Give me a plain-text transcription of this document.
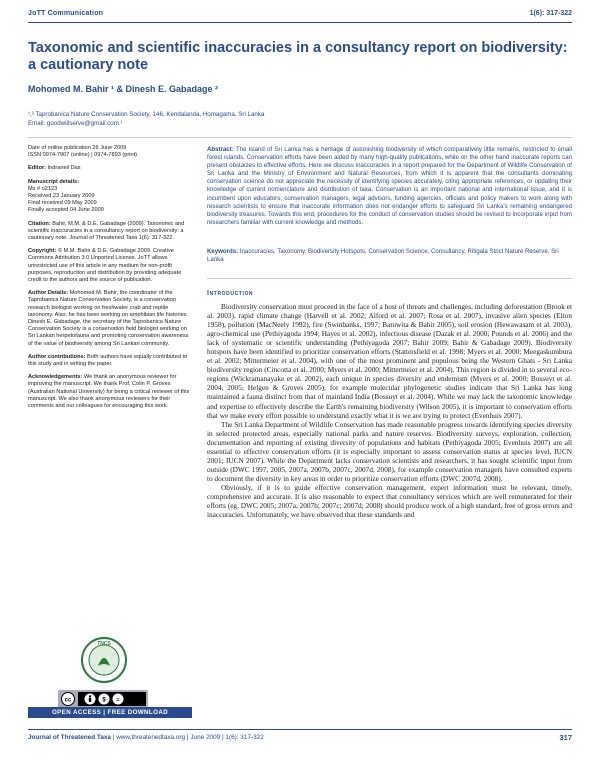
JoTT Communication	1(6): 317-322
Taxonomic and scientific inaccuracies in a consultancy report on biodiversity: a cautionary note
Mohomed M. Bahir ¹ & Dinesh E. Gabadage ²
¹,² Taprobanica Nature Conservation Society, 146, Kendalanda, Homagama, Sri Lanka
Email: goodwillserve@gmail.com ¹

Date of online publication 26 June 2009
ISSN 0974-7907 (online) | 0974-7893 (print)

Editor: Indraneil Das

Manuscript details:
Ms # o2123
Received 23 January 2009
Final received 09 May 2009
Finally accepted 04 June 2009

Citation: Bahir, M.M. & D.E. Gabadage (2009). Taxonomic and scientific inaccuracies in a consultancy report on biodiversity: a cautionary note. Journal of Threatened Taxa 1(6): 317-322.

Copyright: © M.M. Bahir & D.E. Gabadage 2009. Creative Commons Attribution 3.0 Unported License. JoTT allows unrestricted use of this article in any medium for non-profit purposes, reproduction and distribution by providing adequate credit to the authors and the source of publication.

Author Details: Mohomed M. Bahir, the coordinator of the Taprobanica Nature Conservation Society, is a conservation research biologist working on freshwater crab and reptile taxonomy. Also, he has been working on amphibian life histories. Dinesh E. Gabadage, the secretary of the Taprobanica Nature Conservation Society is a conservation field biologist working on Sri Lankan herpetofauna and promoting conservation awareness of the value of biodiversity among Sri Lankan community.

Author contributions: Both authors have equally contributed to this study and in writing the paper.

Acknowledgements: We thank an anonymous reviewer for improving the manuscript. We thank Prof. Colin P. Groves (Australian National University) for being a critical reviewer of this manuscript. We also thank anonymous reviewers for their comments and our colleagues for encouraging this work.

Abstract: The island of Sri Lanka has a heritage of astonishing biodiversity of which comparatively little remains, restricted to small forest islands. Conservation efforts have been aided by many high-quality publications, while on the other hand inaccurate reports can present obstacles to effective efforts. Here we discuss inaccuracies in a report prepared for the Department of Wildlife Conservation of Sri Lanka and the Ministry of Environment and Natural Resources, from which it is apparent that the consultants dominating conservation science do not appreciate the necessity of identifying species accurately, citing appropriate references, or updating their knowledge of current nomenclature and distribution of taxa. Conservation is an important national and international issue, and it is incumbent upon educators, conservation managers, legal advisors, funding agencies, officials and policy makers to work along with research scientists to ensure that inaccurate information does not endanger efforts to safeguard Sri Lanka's remaining endangered biodiversity treasures. Towards this end, procedures for the conduct of conservation studies should be revised to incorporate input from researchers familiar with current knowledge and methods.
Keywords: Inaccuracies, Taxonomy, Biodiversity Hotspots, Conservation Science, Consultancy, Ritigala Strict Nature Reserve, Sri Lanka
Introduction

Biodiversity conservation must proceed in the face of a host of threats and challenges, including deforestation (Brook et al. 2003), rapid climate change (Harvell et al. 2002; Alford et al. 2007; Rosa et al. 2007), invasive alien species (Elton 1958), pollution (MacNeely 1992), fire (Swinbanks, 1997; Batuwita & Bahir 2005), soil erosion (Hewawasam et al. 2003), agro-chemical use (Pethiyagoda 1994; Hayes et al. 2002), infectious disease (Dazak et al. 2000; Pounds et al. 2006) and the lack of systematic or scientific understanding (Pethiyagoda 2007; Bahir 2009; Bahir & Gabadage 2009). Biodiversity hotspots have been identified to prioritize conservation efforts (Stattersfield et al. 1998; Myers et al. 2000; Meegaskumbura et al. 2002; Mittermeier et al. 2004), with one of the most prominent and populous being the Western Ghats - Sri Lanka biodiversity region (Cincotta et al. 2000; Myers et al. 2000; Mittermeier et al. 2004). This region is divided in to several eco-regions (Wickramanayake et al. 2002), each unique in species diversity and endemism (Myers et al. 2000; Bossuyt et al. 2004, 2005; Helgen & Groves 2005); for example molecular phylogenetic studies indicate that Sri Lanka has long maintained a fauna distinct from that of mainland India (Bossuyt et al. 2004). While we may lack the taxonomic knowledge and expertise to effectively describe the Earth's remaining biodiversity (Wilson 2005), it is important to conservation efforts that we make every effort possible to understand exactly what it is we are trying to protect (Evenhuis 2007).

The Sri Lanka Department of Wildlife Conservation has made reasonable progress towards identifying species diversity in selected protected areas, especially national parks and nature reserves. Biodiversity surveys, exploration, collection, documentation and reporting of existing diversity of populations and habitats (Pethiyagoda 2005; Evenhuis 2007) are all essential to effective conservation efforts (it is especially important to assess conservation status at species level, IUCN 2001; IUCN 2007). While the Department lacks conservation scientists and researchers, it has sought scientific input from outside (DWC 1997, 2005, 2007a, 2007b, 2007c, 2007d, 2008), for example conservation managers have consulted experts to document the diversity in key areas in order to prioritize conservation efforts (DWC 2007d, 2008).

Obviously, if it is to guide effective conservation management, expert information must be relevant, timely, comprehensive and accurate. It is also reasonable to expect that consultancy services which are well remunerated for their efforts (eg. DWC 2005; 2007a, 2007b; 2007c; 2007d; 2008) should produce work of a high standard, free of gross errors and inaccuracies. Unfortunately, we have observed that these standards and

TNCS
cc	$ =
OPEN ACCESS | FREE DOWNLOAD
Journal of Threatened Taxa | www.threatenedtaxa.org | June 2009 | 1(6): 317-322	317
